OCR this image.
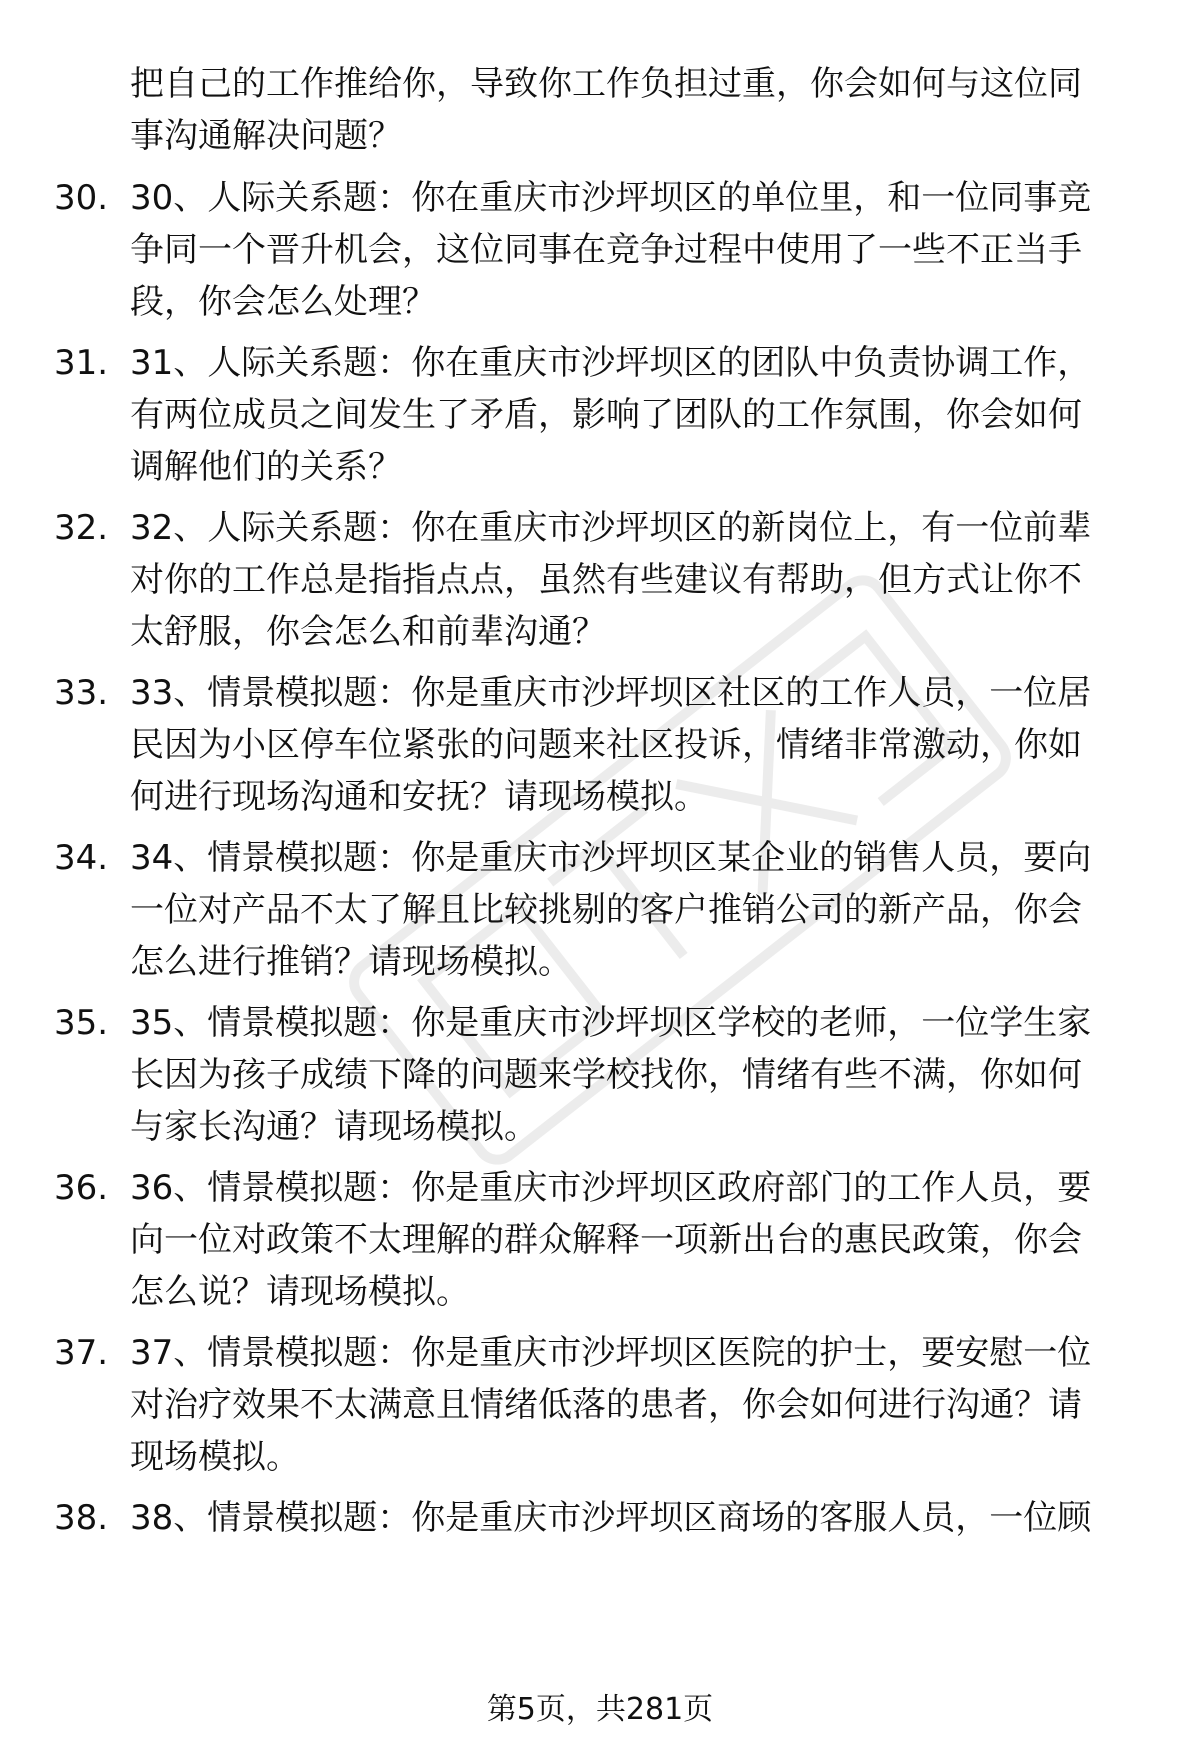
把自己的工作推给你，导致你工作负担过重，你会如何与这位同
事沟通解决问题？
30. 30、人际关系题：你在重庆市沙坪坝区的单位里，和一位同事竞
争同一个晋升机会，这位同事在竞争过程中使用了一些不正当手
段，你会怎么处理？
31. 31、人际关系题：你在重庆市沙坪坝区的团队中负责协调工作，
有两位成员之间发生了矛盾，影响了团队的工作氛围，你会如何
调解他们的关系？
32. 32、人际关系题：你在重庆市沙坪坝区的新岗位上，有一位前辈
对你的工作总是指指点点，虽然有些建议有帮助，但方式让你不
太舒服，你会怎么和前辈沟通？
33. 33、情景模拟题：你是重庆市沙坪坝区社区的工作人员，一位居
民因为小区停车位紧张的问题来社区投诉，情绪非常激动，你如
何进行现场沟通和安抚？请现场模拟。
34. 34、情景模拟题：你是重庆市沙坪坝区某企业的销售人员，要向
一位对产品不太了解且比较挑剔的客户推销公司的新产品，你会
怎么进行推销？请现场模拟。
35. 35、情景模拟题：你是重庆市沙坪坝区学校的老师，一位学生家
长因为孩子成绩下降的问题来学校找你，情绪有些不满，你如何
与家长沟通？请现场模拟。
36. 36、情景模拟题：你是重庆市沙坪坝区政府部门的工作人员，要
向一位对政策不太理解的群众解释一项新出台的惠民政策，你会
怎么说？请现场模拟。
37. 37、情景模拟题：你是重庆市沙坪坝区医院的护士，要安慰一位
对治疗效果不太满意且情绪低落的患者，你会如何进行沟通？请
现场模拟。
38. 38、情景模拟题：你是重庆市沙坪坝区商场的客服人员，一位顾
第5页，共281页
